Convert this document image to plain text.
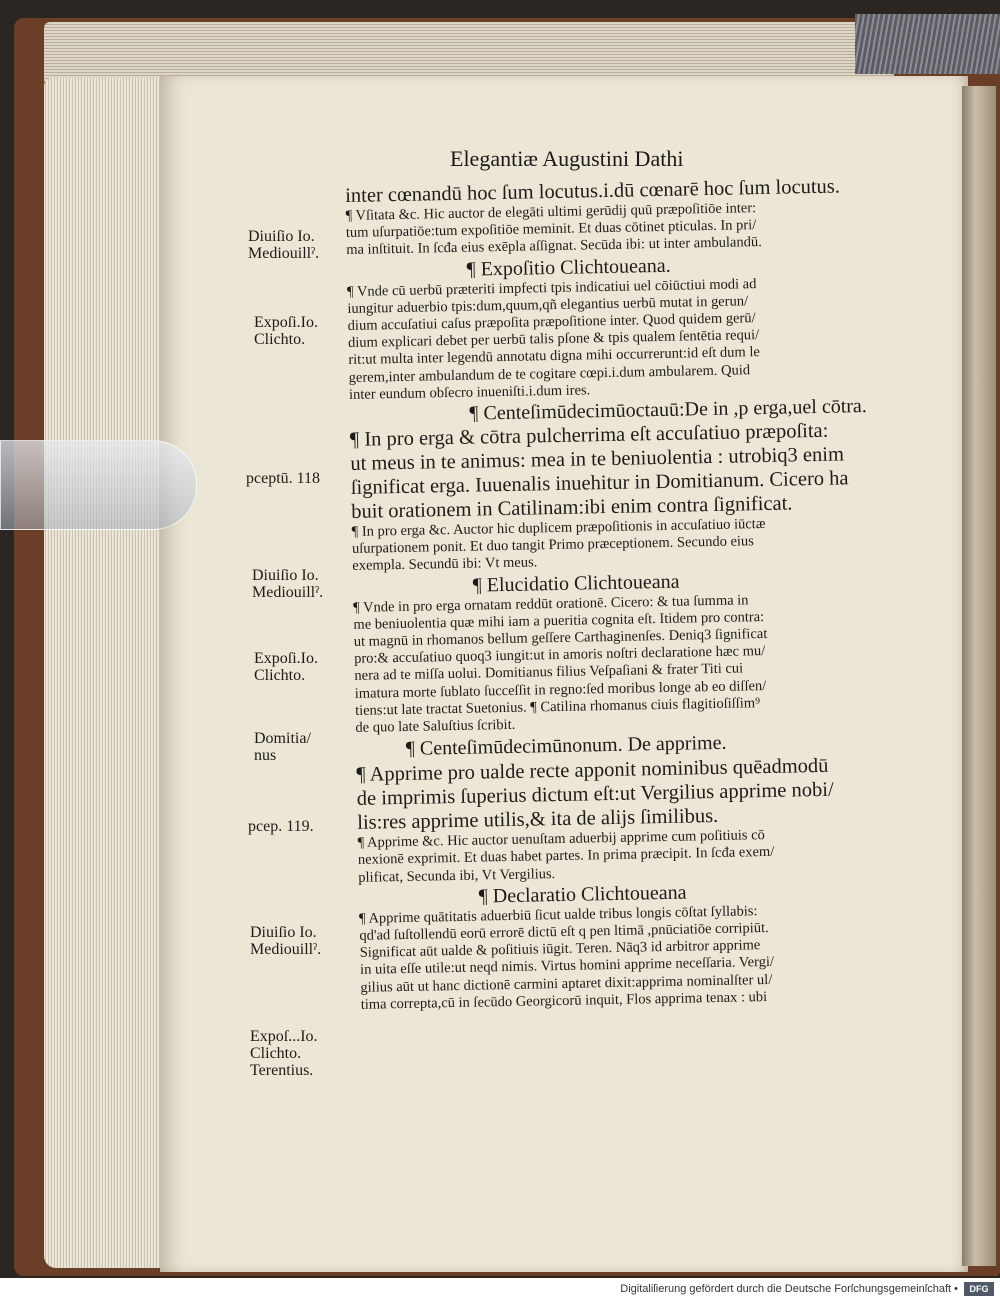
Elegantiæ Augustini Dathi
Diuiſio Io.
Mediouillˀ.
Expoſi.Io.
Clichto.
pceptū. 118
Diuiſio Io.
Mediouillˀ.
Expoſi.Io.
Clichto.
Domitia/
nus
pcep. 119.
Diuiſio Io.
Mediouillˀ.
Expoſ...Io.
Clichto.
Terentius.
inter cœnandū hoc ſum locutus.i.dū cœnarē hoc ſum locutus.
¶ Vſitata &c. Hic auctor de elegāti ultimi gerūdij quū præpoſitiōe inter:
tum uſurpatiōe:tum expoſitiōe meminit. Et duas cōtinet pticulas. In pri/
ma inſtituit. In ſcđa eius exēpla aſſignat. Secūda ibi: ut inter ambulandū.
¶ Expoſitio Clichtoueana.
¶ Vnde cū uerbū præteriti impfecti tpis indicatiui uel cōiūctiui modi ad
iungitur aduerbio tpis:dum,quum,qñ elegantius uerbū mutat in gerun/
dium accuſatiui caſus præpoſita præpoſitione inter. Quod quidem gerū/
dium explicari debet per uerbū talis pſone & tpis qualem ſentētia requi/
rit:ut multa inter legendū annotatu digna mihi occurrerunt:id eſt dum le
gerem,inter ambulandum de te cogitare cœpi.i.dum ambularem. Quid
inter eundum obſecro inueniſti.i.dum ires.
¶ Centeſimūdecimūoctauū:De in ,p erga,uel cōtra.
¶ In pro erga & cōtra pulcherrima eſt accuſatiuo præpoſita:
ut meus in te animus: mea in te beniuolentia : utrobiq3 enim
ſignificat erga. Iuuenalis inuehitur in Domitianum. Cicero ha
buit orationem in Catilinam:ibi enim contra ſignificat.
¶ In pro erga &c. Auctor hic duplicem præpoſitionis in accuſatiuo iūctæ
uſurpationem ponit. Et duo tangit Primo præceptionem. Secundo eius
exempla. Secundū ibi: Vt meus.
¶ Elucidatio Clichtoueana
¶ Vnde in pro erga ornatam reddūt orationē. Cicero: & tua ſumma in
me beniuolentia quæ mihi iam a pueritia cognita eſt. Itidem pro contra:
ut magnū in rhomanos bellum geſſere Carthaginenſes. Deniq3 ſignificat
pro:& accuſatiuo quoq3 iungit:ut in amoris noſtri declaratione hæc mu/
nera ad te miſſa uolui. Domitianus filius Veſpaſiani & frater Titi cui
imatura morte ſublato ſucceſſit in regno:ſed moribus longe ab eo diſſen/
tiens:ut late tractat Suetonius. ¶ Catilina rhomanus ciuis flagitioſiſſim⁹
de quo late Saluſtius ſcribit.
¶ Centeſimūdecimūnonum. De apprime.
¶ Apprime pro ualde recte apponit nominibus quēadmodū
de imprimis ſuperius dictum eſt:ut Vergilius apprime nobi/
lis:res apprime utilis,& ita de alijs ſimilibus.
¶ Apprime &c. Hic auctor uenuſtam aduerbij apprime cum poſitiuis cō
nexionē exprimit. Et duas habet partes. In prima præcipit. In ſcđa exem/
plificat, Secunda ibi, Vt Vergilius.
¶ Declaratio Clichtoueana
¶ Apprime quātitatis aduerbiū ſicut ualde tribus longis cōſtat ſyllabis:
qd'ad ſuſtollendū eorū errorē dictū eſt q pen ltimā ,pnūciatiōe corripiūt.
Significat aūt ualde & poſitiuis iūgit. Teren. Nāq3 id arbitror apprime
in uita eſſe utile:ut neqd nimis. Virtus homini apprime neceſſaria. Vergi/
gilius aūt ut hanc dictionē carmini aptaret dixit:apprima nominalſter ul/
tima correpta,cū in ſecūdo Georgicorū inquit, Flos apprima tenax : ubi
Digitaliſierung gefördert durch die Deutsche Forſchungsgemeinſchaft •	DFG
